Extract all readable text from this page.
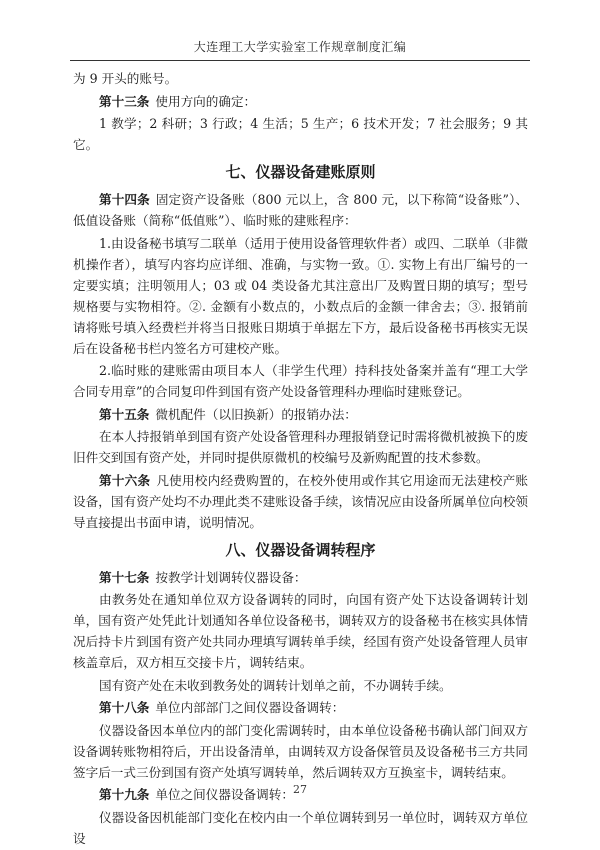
大连理工大学实验室工作规章制度汇编

为 9 开头的账号。

第十三条 使用方向的确定：

1 教学；2 科研；3 行政；4 生活；5 生产；6 技术开发；7 社会服务；9 其它。

七、仪器设备建账原则

第十四条 固定资产设备账（800 元以上，含 800 元，以下称简“设备账”）、低值设备账（简称“低值账”）、临时账的建账程序：

1.由设备秘书填写二联单（适用于使用设备管理软件者）或四、二联单（非微机操作者），填写内容均应详细、准确，与实物一致。①. 实物上有出厂编号的一定要实填；注明领用人；03 或 04 类设备尤其注意出厂及购置日期的填写；型号规格要与实物相符。②. 金额有小数点的，小数点后的金额一律舍去；③. 报销前请将账号填入经费栏并将当日报账日期填于单据左下方，最后设备秘书再核实无误后在设备秘书栏内签名方可建校产账。

2.临时账的建账需由项目本人（非学生代理）持科技处备案并盖有“理工大学合同专用章”的合同复印件到国有资产处设备管理科办理临时建账登记。

第十五条 微机配件（以旧换新）的报销办法：

在本人持报销单到国有资产处设备管理科办理报销登记时需将微机被换下的废旧件交到国有资产处，并同时提供原微机的校编号及新购配置的技术参数。

第十六条 凡使用校内经费购置的，在校外使用或作其它用途而无法建校产账设备，国有资产处均不办理此类不建账设备手续，该情况应由设备所属单位向校领导直接提出书面申请，说明情况。

八、仪器设备调转程序

第十七条 按教学计划调转仪器设备：

由教务处在通知单位双方设备调转的同时，向国有资产处下达设备调转计划单，国有资产处凭此计划通知各单位设备秘书，调转双方的设备秘书在核实具体情况后持卡片到国有资产处共同办理填写调转单手续，经国有资产处设备管理人员审核盖章后，双方相互交接卡片，调转结束。

国有资产处在未收到教务处的调转计划单之前，不办调转手续。

第十八条 单位内部部门之间仪器设备调转：

仪器设备因本单位内的部门变化需调转时，由本单位设备秘书确认部门间双方设备调转账物相符后，开出设备清单，由调转双方设备保管员及设备秘书三方共同签字后一式三份到国有资产处填写调转单，然后调转双方互换室卡，调转结束。

第十九条 单位之间仪器设备调转：

仪器设备因机能部门变化在校内由一个单位调转到另一单位时，调转双方单位设

27
